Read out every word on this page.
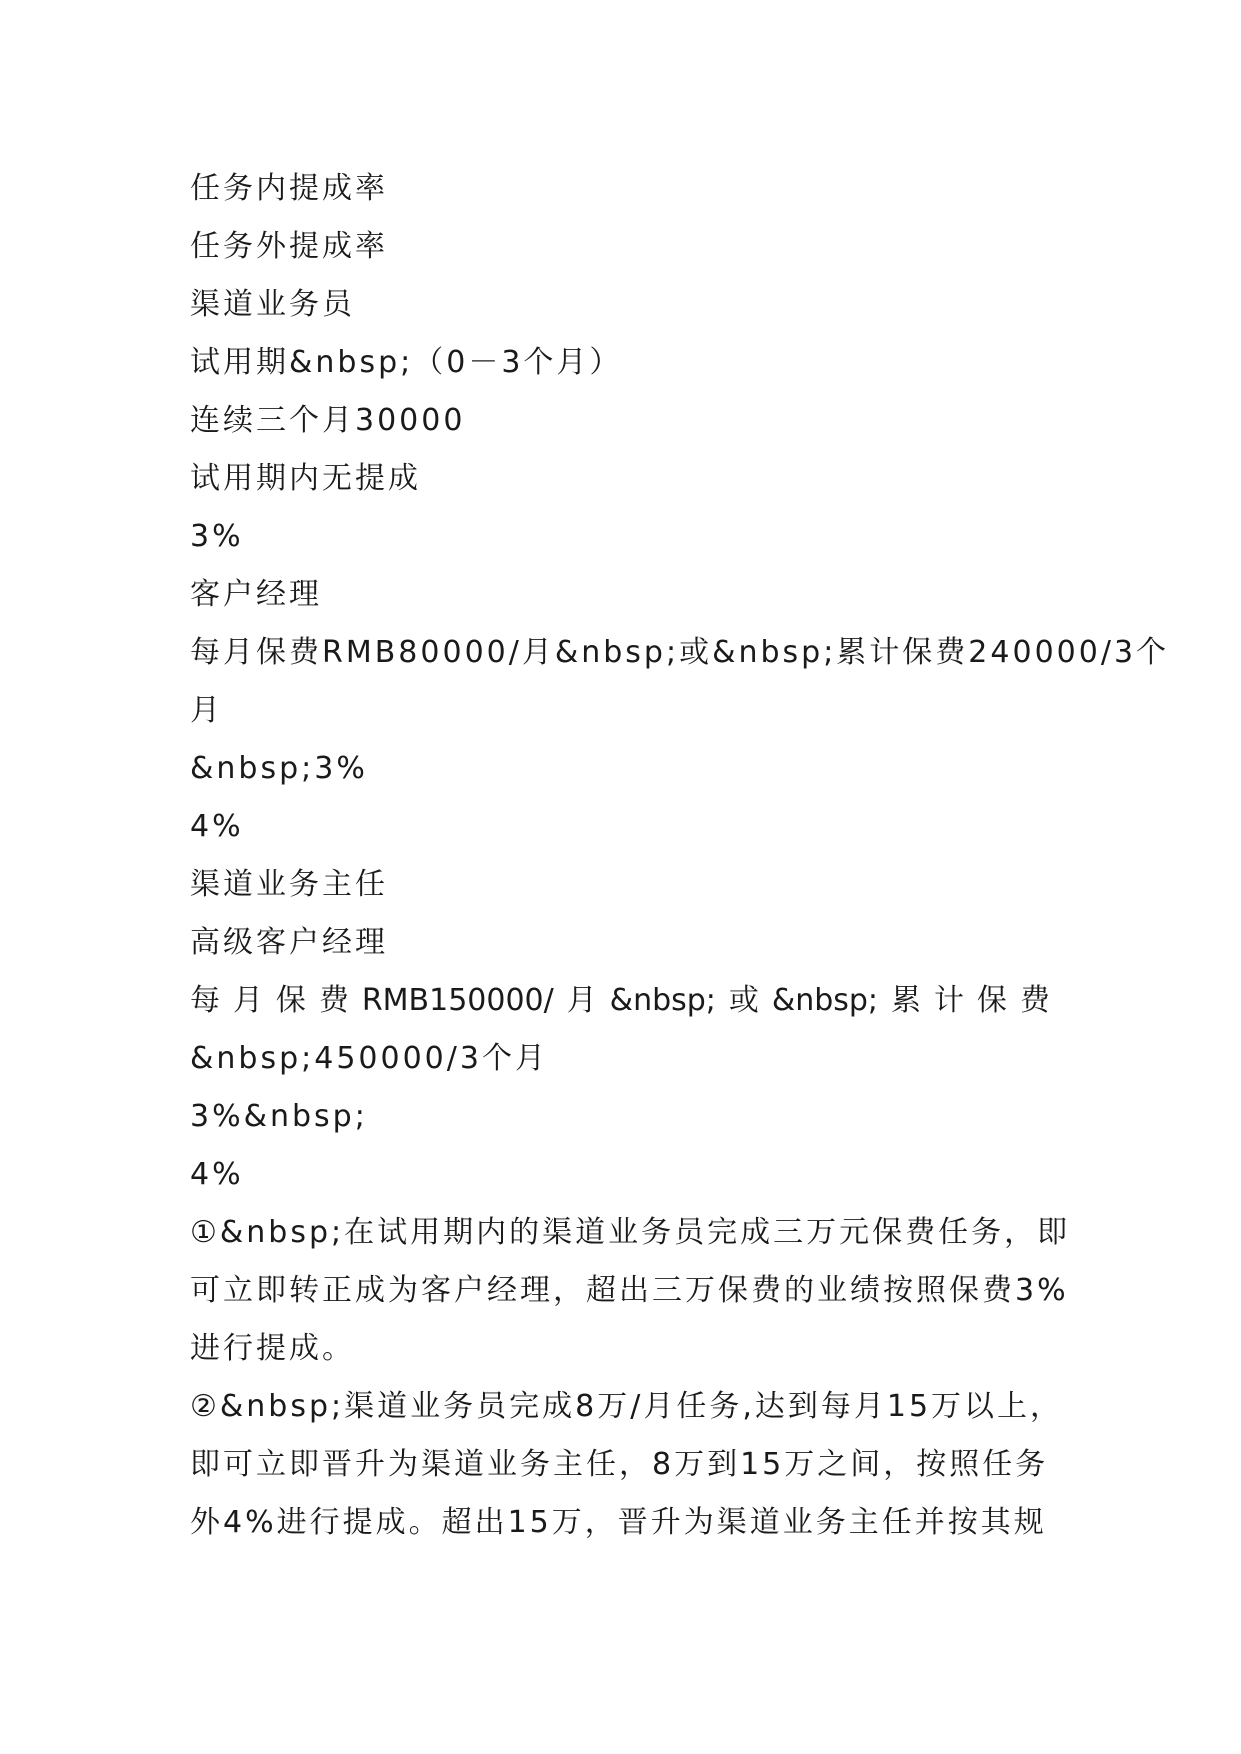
任务内提成率
任务外提成率
渠道业务员
试用期&nbsp;（0－3个月）
连续三个月30000
试用期内无提成
3%
客户经理
每月保费RMB80000/月&nbsp;或&nbsp;累计保费240000/3个
月
&nbsp;3%
4%
渠道业务主任
高级客户经理
每 月 保 费 RMB150000/ 月 &nbsp; 或 &nbsp; 累 计 保 费
&nbsp;450000/3个月
3%&nbsp;
4%
①&nbsp;在试用期内的渠道业务员完成三万元保费任务，即
可立即转正成为客户经理，超出三万保费的业绩按照保费3%
进行提成。
②&nbsp;渠道业务员完成8万/月任务,达到每月15万以上，
即可立即晋升为渠道业务主任，8万到15万之间，按照任务
外4%进行提成。超出15万，晋升为渠道业务主任并按其规
